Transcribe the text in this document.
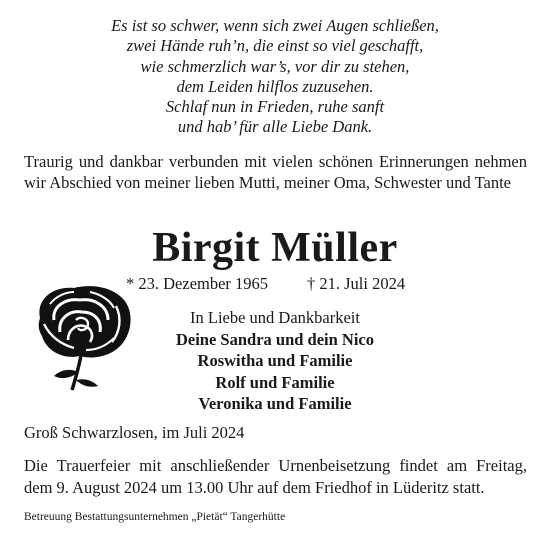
Es ist so schwer, wenn sich zwei Augen schließen,
zwei Hände ruh’n, die einst so viel geschafft,
wie schmerzlich war’s, vor dir zu stehen,
dem Leiden hilflos zuzusehen.
Schlaf nun in Frieden, ruhe sanft
und hab’ für alle Liebe Dank.
Traurig und dankbar verbunden mit vielen schönen Erinnerungen nehmen wir Abschied von meiner lieben Mutti, meiner Oma, Schwester und Tante
Birgit Müller
* 23. Dezember 1965 † 21. Juli 2024
In Liebe und Dankbarkeit
Deine Sandra und dein Nico
Roswitha und Familie
Rolf und Familie
Veronika und Familie
Groß Schwarzlosen, im Juli 2024
Die Trauerfeier mit anschließender Urnenbeisetzung findet am Freitag,
dem 9. August 2024 um 13.00 Uhr auf dem Friedhof in Lüderitz statt.
Betreuung Bestattungsunternehmen „Pietät“ Tangerhütte
